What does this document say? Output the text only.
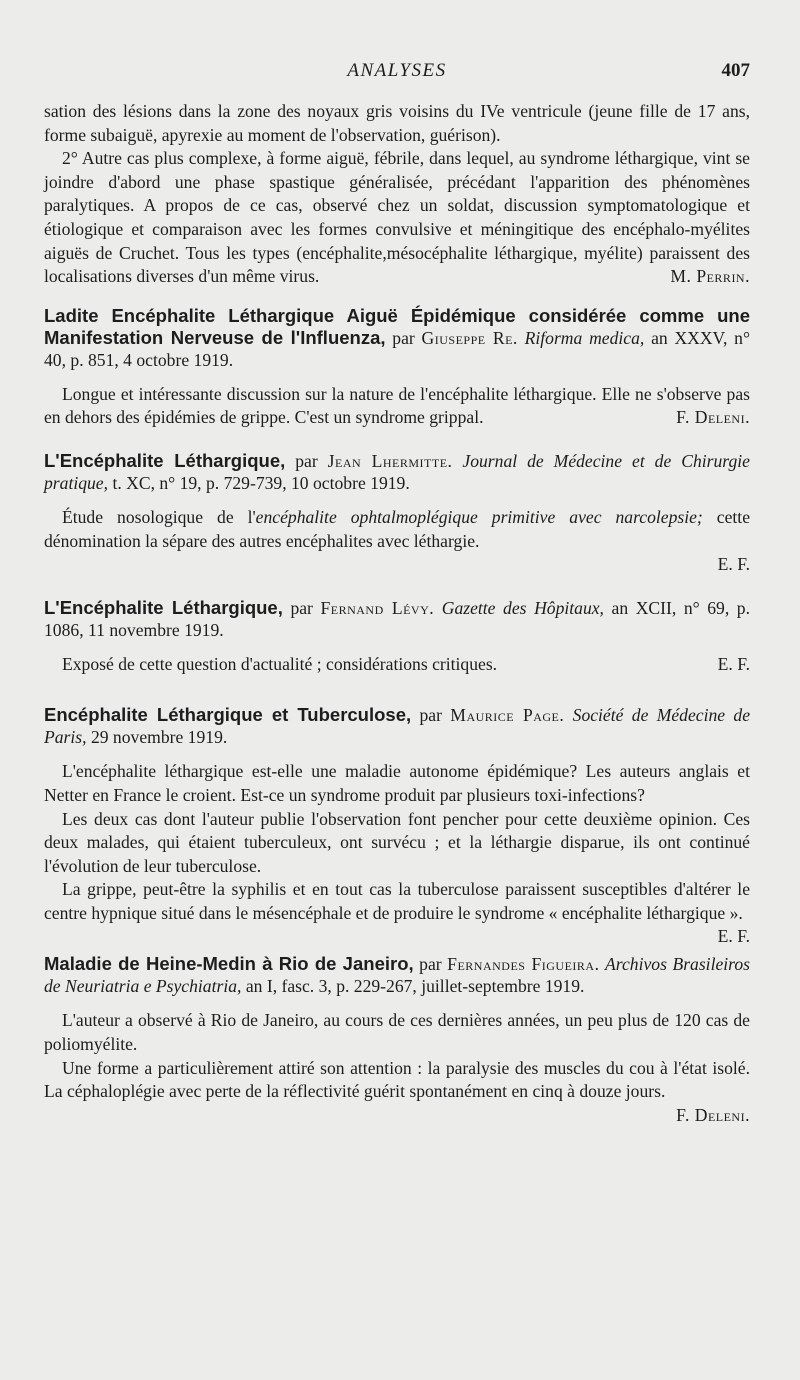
ANALYSES	407

sation des lésions dans la zone des noyaux gris voisins du IVe ventricule (jeune fille de 17 ans, forme subaiguë, apyrexie au moment de l'observation, guérison).

2° Autre cas plus complexe, à forme aiguë, fébrile, dans lequel, au syndrome léthargique, vint se joindre d'abord une phase spastique généralisée, précédant l'apparition des phénomènes paralytiques. A propos de ce cas, observé chez un soldat, discussion symptomatologique et étiologique et comparaison avec les formes convulsive et méningitique des encéphalo-myélites aiguës de Cruchet. Tous les types (encéphalite,mésocéphalite léthargique, myélite) paraissent des localisations diverses d'un même virus.	M. Perrin.

Ladite Encéphalite Léthargique Aiguë Épidémique considérée comme une Manifestation Nerveuse de l'Influenza, par Giuseppe Re. Riforma medica, an XXXV, n° 40, p. 851, 4 octobre 1919.

Longue et intéressante discussion sur la nature de l'encéphalite léthargique. Elle ne s'observe pas en dehors des épidémies de grippe. C'est un syndrome grippal.	F. Deleni.

L'Encéphalite Léthargique, par Jean Lhermitte. Journal de Médecine et de Chirurgie pratique, t. XC, n° 19, p. 729-739, 10 octobre 1919.

Étude nosologique de l'encéphalite ophtalmoplégique primitive avec narcolepsie; cette dénomination la sépare des autres encéphalites avec léthargie.

E. F.

L'Encéphalite Léthargique, par Fernand Lévy. Gazette des Hôpitaux, an XCII, n° 69, p. 1086, 11 novembre 1919.

Exposé de cette question d'actualité ; considérations critiques.	E. F.

Encéphalite Léthargique et Tuberculose, par Maurice Page. Société de Médecine de Paris, 29 novembre 1919.

L'encéphalite léthargique est-elle une maladie autonome épidémique? Les auteurs anglais et Netter en France le croient. Est-ce un syndrome produit par plusieurs toxi-infections?

Les deux cas dont l'auteur publie l'observation font pencher pour cette deuxième opinion. Ces deux malades, qui étaient tuberculeux, ont survécu ; et la léthargie disparue, ils ont continué l'évolution de leur tuberculose.

La grippe, peut-être la syphilis et en tout cas la tuberculose paraissent susceptibles d'altérer le centre hypnique situé dans le mésencéphale et de produire le syndrome « encéphalite léthargique ».
E. F.

Maladie de Heine-Medin à Rio de Janeiro, par Fernandes Figueira. Archivos Brasileiros de Neuriatria e Psychiatria, an I, fasc. 3, p. 229-267, juillet-septembre 1919.

L'auteur a observé à Rio de Janeiro, au cours de ces dernières années, un peu plus de 120 cas de poliomyélite.

Une forme a particulièrement attiré son attention : la paralysie des muscles du cou à l'état isolé. La céphaloplégie avec perte de la réflectivité guérit spontanément en cinq à douze jours.
F. Deleni.
